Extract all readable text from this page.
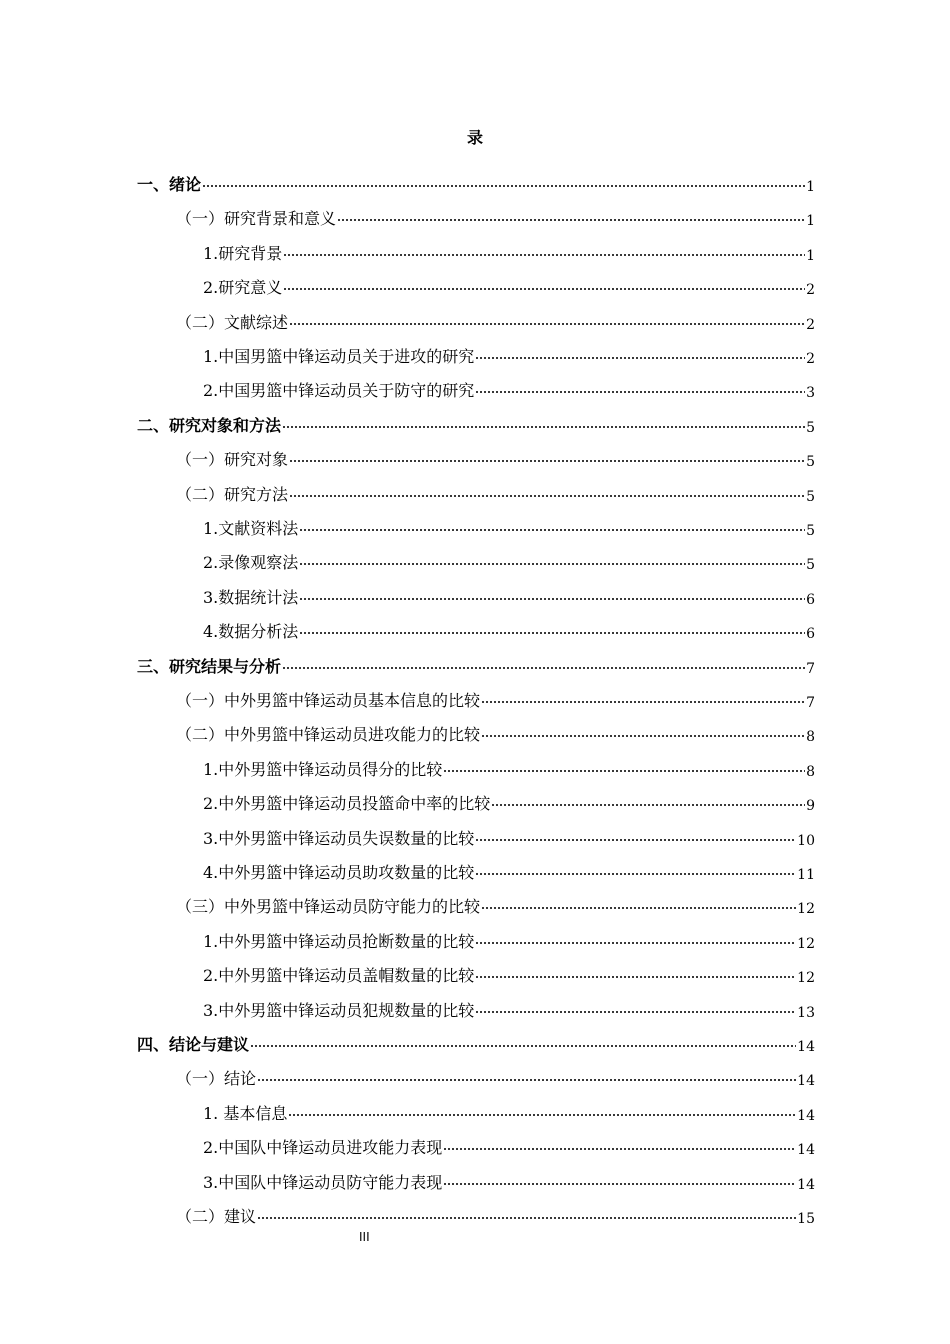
录
一、绪论	1
（一）研究背景和意义	1
1.研究背景	1
2.研究意义	2
（二）文献综述	2
1.中国男篮中锋运动员关于进攻的研究	2
2.中国男篮中锋运动员关于防守的研究	3
二、研究对象和方法	5
（一）研究对象	5
（二）研究方法	5
1.文献资料法	5
2.录像观察法	5
3.数据统计法	6
4.数据分析法	6
三、研究结果与分析	7
（一）中外男篮中锋运动员基本信息的比较	7
（二）中外男篮中锋运动员进攻能力的比较	8
1.中外男篮中锋运动员得分的比较	8
2.中外男篮中锋运动员投篮命中率的比较	9
3.中外男篮中锋运动员失误数量的比较	10
4.中外男篮中锋运动员助攻数量的比较	11
（三）中外男篮中锋运动员防守能力的比较	12
1.中外男篮中锋运动员抢断数量的比较	12
2.中外男篮中锋运动员盖帽数量的比较	12
3.中外男篮中锋运动员犯规数量的比较	13
四、结论与建议	14
（一）结论	14
1. 基本信息	14
2.中国队中锋运动员进攻能力表现	14
3.中国队中锋运动员防守能力表现	14
（二）建议	15
III
